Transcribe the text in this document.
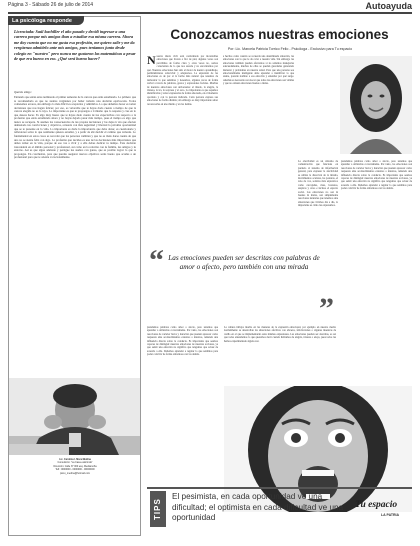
Página 3 - Sábado 26 de julio de 2014	Autoayuda
La psicóloga responde
Licenciada: Saúl bachiller el año pasado y decidí ingresar a una carrera porque mis amigos iban a estudiar esa misma carrera. Ahora me doy cuenta que no me gusta esa profesión, me quiero salir y me da vergüenza admitirlo ante mis amigos, pues teníamos junto desde colegio en "nuestro" pero nunca me gustaron las matemáticas a pesar de que era bueno en eso. ¿Qué será bueno hacer?
Querido amigo:
Entiendo que están estas terminado el primer semestre de la carrera que estás estudiando. Lo primero que te recomendaría es que no sientas vergüenza por haber tomado una decisión equivocada. Todos cometemos errores, sin embargo lo más difícil es aceptarlos y admitirlos. Lo que debemos hacer es tomar decisiones que nos hagan felices; por eso, es valorable que te hayas dado cuenta a tiempo de que la carrera elegida no es lo tuyo. Lo importante es que te propongas a ti mismo que lo respetas y cres en lo que deseas hacer. Es algo muy bueno que te hayas dado cuenta de tus expectativas con respecto a la profesión que estás estudiando ahora y no hayas dejado pasar más tiempo, pues el tiempo es algo que nunca se recupera. Si asumes las consecuencias de tus propias decisiones y las dejas ir sin que afecten demasiado tus convicciones y objetivos, actuarás con más seguridad y libertad la próxima oportunidad que se te presente en la vida. Lo importante es darle la importancia que debe darse; es cuestionarte y reflexionar sobre lo que realmente quieres estudiar, y a partir de ahí decidir el camino que tomarás. Lo fundamental en estos casos es recordar que las personas cambian y que no es malo darse cuenta de que uno no se siente feliz con algo. La profesión que decides es una de las decisiones más importantes que debes tomar en tu vida, porque de eso vas a vivir y a ella debes dedicar tu tiempo. Este decisión trascenderá en el ámbito personal y profesional, así como en la relación con tu familia, tus amigos y tu entorno. Así es que sigue adelante y persigue tus sueños con ganas, que es posible lograr lo que te propongas. En conclusión, para que puedas asegurar nuevos objetivos serás bueno que acudas a un profesional para que te oriente vocacionalmente.
Lic. Carolina I. Mora Medina
Consultorio: "La Casa está linda"
Dirección: Calle N° 000 esq. Mediamoña
Telf.: 0000000 - 0000000 - 00000000
psico_medina@hotmail.com
Conozcamos nuestras emociones
Por: Lic. Marcela Patricia Torrico Fello - Psicóloga - Exclusivo para Tu espacio
Nuestro diario vivir está conformado por incontables emociones que brotan a flor de piel, algunas veces son percibidas de forma clara y otras veces no, somos conscientes de lo que nos sucede y no encontramos por qué. Nuestras emociones han sido el motor de nuestro aprendizaje, permitiéndonos sobrevivir y adaptarnos. La expresión de las emociones es de por sí la forma más natural que tenemos de demostrar lo que sentimos y deseamos, algunas veces de forma verbal a través de palabras, gestos y expresiones faciales. Muchas de nuestras emociones son universales: el miedo, la alegría, la tristeza, la ira, la sorpresa y el asco. Lo importante es que sepamos identificarlas y saber expresarlas de forma adecuada, en el momento oportuno y con la persona indicada. Cada persona expresa sus emociones de forma distinta; sin embargo es muy importante saber reconocerlas en uno mismo y en los demás.
a hechos como cuando se recuerda una determinada situación, las emociones son lo que le da color a nuestra vida. Sin embargo las emociones también pueden afectarnos si no sabemos manejarlas adecuadamente, muchas de ellas se quedan guardadas generando malestar y problemas en nuestra salud. Para que una persona sea emocionalmente inteligente debe aprender a identificar lo que siente, ponerle nombre a esa emoción y entender por qué surge. Además es necesario reconocer que todas las emociones son válidas y que no existen emociones buenas o malas.
prendamos palabras como amor o afecto, pero tenemos que aprender a utilizarlas correctamente. Por tanto, las emociones son reacciones de carácter breve y duración que pueden aparecer como respuesta ante acontecimientos externos o internos, teniendo una influencia directa sobre la conducta. Es importante que seamos capaces de distinguir nuestras emociones de nuestras acciones, ya que sentir una emoción no significa que tengamos que actuar de acuerdo a ella. Debemos aprender a regular lo que sentimos para poder convivir de forma armoniosa con los demás.
La afectividad es un síntoma de comunicación que funciona en paralelo al sistema de información general, para expresar la afectividad se utiliza la dirección de la mirada, movimientos oculares, las posturas, el tono de voz, sonidos más expresivos como carcajadas, risas, bostezos, suspiros y otros e incluso el espacio social. Las emociones no son ni buenas ni malas, son simplemente reacciones naturales que tenemos ante situaciones que vivimos día a día, lo importante es cómo las expresamos.
prendamos palabras como amor o afecto, pero tenemos que aprender a utilizarlas correctamente. Por tanto, las emociones son reacciones de carácter breve y duración que pueden aparecer como respuesta ante acontecimientos externos o internos, teniendo una influencia directa sobre la conducta. Es importante que seamos capaces de distinguir nuestras emociones de nuestras acciones, ya que sentir una emoción no significa que tengamos que actuar de acuerdo a ella. Debemos aprender a regular lo que sentimos para poder convivir de forma armoniosa con los demás.
La cultura influye mucho en las maneras de la expresión emocional, por ejemplo en nuestro medio normalmente se desarrollan las situaciones afectivas con abrazos, felicitaciones o algunas muestras de cariño en el que se implementarán estas mismas expresiones. Las emociones pueden ser descritas, es así que todos entendemos lo que queremos decir cuando hablamos de alegría, tristeza o enojo, pues todos las hemos experimentado alguna vez.
“
”
Las emociones pueden ser descritas con palabras de amor o afecto, pero también con una mirada
TIPS
El pesimista, en cada oportunidad ve una dificultad; el optimista en cada dificultad ve una oportunidad
Tu espacio
LA PATRIA
